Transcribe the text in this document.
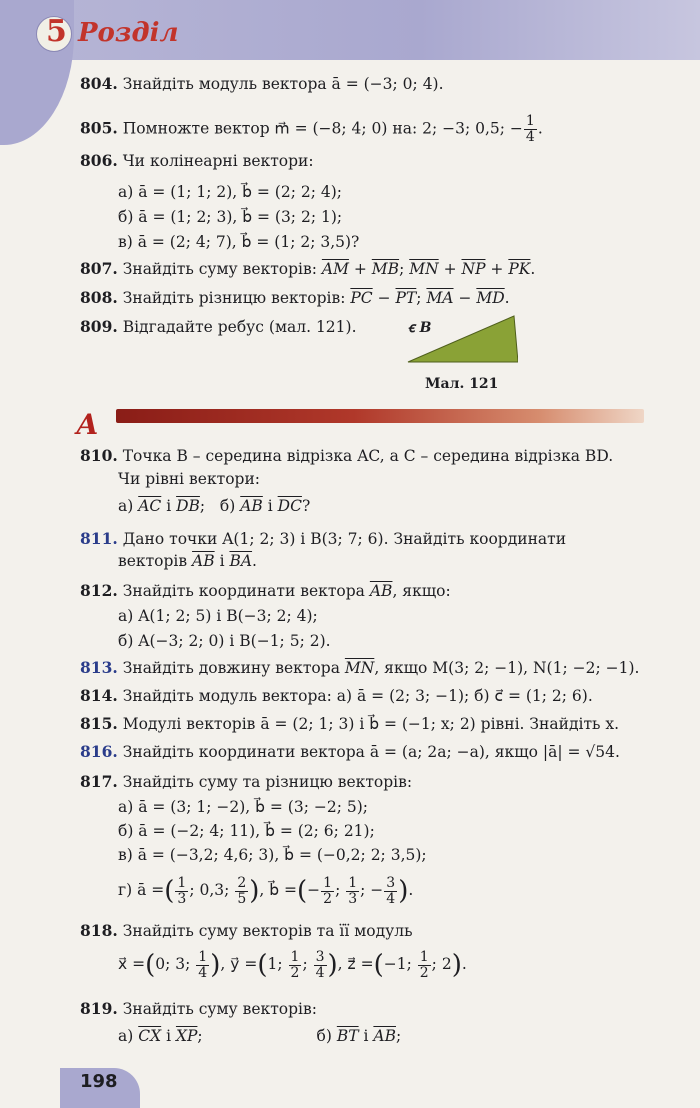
5 Розділ
804. Знайдіть модуль вектора ā = (−3; 0; 4).
805. Помножте вектор m⃗ = (−8; 4; 0) на: 2; −3; 0,5; − $\frac{1}{4}$ .
806. Чи колінеарні вектори:
а) ā = (1; 1; 2), b⃗ = (2; 2; 4);
б) ā = (1; 2; 3), b⃗ = (3; 2; 1);
в) ā = (2; 4; 7), b⃗ = (1; 2; 3,5)?
807. Знайдіть суму векторів: $\overline{AM} + \overline{MB}$; $\overline{MN} + \overline{NP} + \overline{PK}$.
808. Знайдіть різницю векторів: $\overline{PC} - \overline{PT}$; $\overline{MA} - \overline{MD}$.
809. Відгадайте ребус (мал. 121).	ꞓ B
Мал. 121
А
810. Точка B – середина відрізка AC, а C – середина відрізка BD.
Чи рівні вектори:
а) $\overline{AC}$ і $\overline{DB}$;   б) $\overline{AB}$ і $\overline{DC}$?
811. Дано точки A(1; 2; 3) і B(3; 7; 6). Знайдіть координати
векторів $\overline{AB}$ і $\overline{BA}$.
812. Знайдіть координати вектора $\overline{AB}$, якщо:
а) A(1; 2; 5) і B(−3; 2; 4);
б) A(−3; 2; 0) і B(−1; 5; 2).
813. Знайдіть довжину вектора $\overline{MN}$, якщо M(3; 2; −1), N(1; −2; −1).
814. Знайдіть модуль вектора: а) ā = (2; 3; −1); б) c⃗ = (1; 2; 6).
815. Модулі векторів ā = (2; 1; 3) і b⃗ = (−1; x; 2) рівні. Знайдіть x.
816. Знайдіть координати вектора ā = (a; 2a; −a), якщо |ā| = √54.
817. Знайдіть суму та різницю векторів:
а) ā = (3; 1; −2), b⃗ = (3; −2; 5);
б) ā = (−2; 4; 11), b⃗ = (2; 6; 21);
в) ā = (−3,2; 4,6; 3), b⃗ = (−0,2; 2; 3,5);
г) ā =( $\frac{1}{3}$ ; 0,3; $\frac{2}{5}$ ), b⃗ =(− $\frac{1}{2}$ ; $\frac{1}{3}$ ; − $\frac{3}{4}$ ).
818. Знайдіть суму векторів та її модуль
x⃗ =(0; 3; $\frac{1}{4}$ ), y⃗ =(1; $\frac{1}{2}$ ; $\frac{3}{4}$ ), z⃗ =(−1; $\frac{1}{2}$ ; 2).
819. Знайдіть суму векторів:
а) $\overline{CX}$ і $\overline{XP}$;	б) $\overline{BT}$ і $\overline{AB}$;
198
